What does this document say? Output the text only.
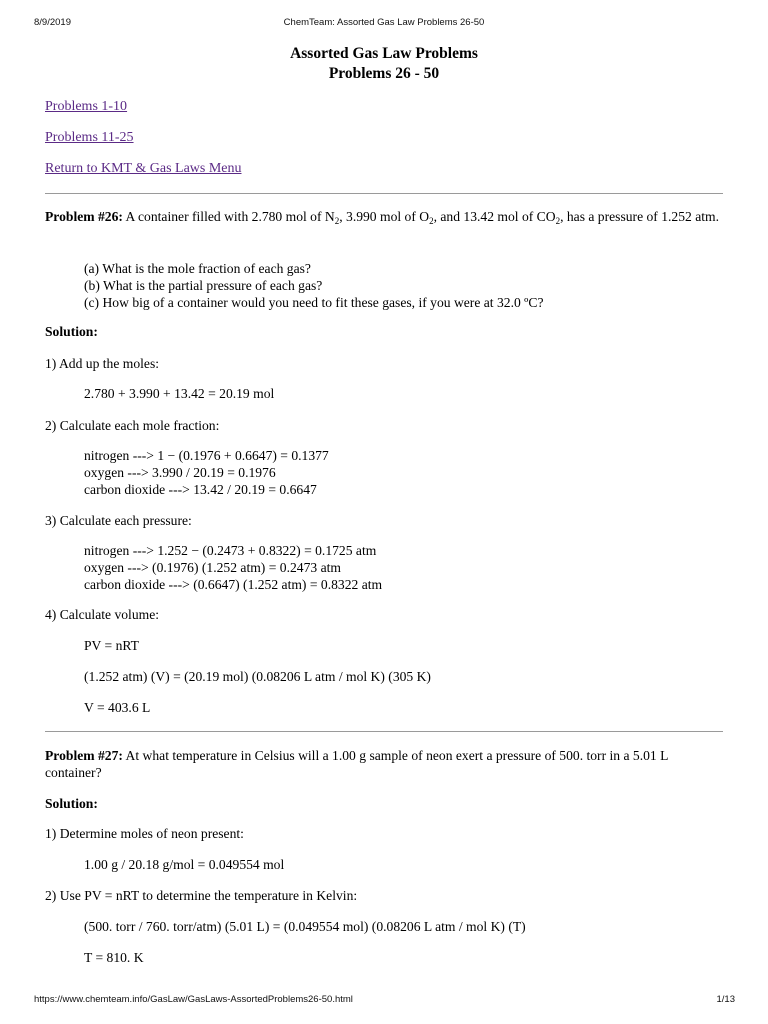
8/9/2019	ChemTeam: Assorted Gas Law Problems 26-50
Assorted Gas Law Problems
Problems 26 - 50
Problems 1-10
Problems 11-25
Return to KMT & Gas Laws Menu
Problem #26: A container filled with 2.780 mol of $N_2$, 3.990 mol of $O_2$, and 13.42 mol of $CO_2$, has a pressure of 1.252 atm.
(a) What is the mole fraction of each gas?
(b) What is the partial pressure of each gas?
(c) How big of a container would you need to fit these gases, if you were at 32.0 ºC?
Solution:
1) Add up the moles:
2.780 + 3.990 + 13.42 = 20.19 mol
2) Calculate each mole fraction:
nitrogen ---> 1 − (0.1976 + 0.6647) = 0.1377
oxygen ---> 3.990 / 20.19 = 0.1976
carbon dioxide ---> 13.42 / 20.19 = 0.6647
3) Calculate each pressure:
nitrogen ---> 1.252 − (0.2473 + 0.8322) = 0.1725 atm
oxygen ---> (0.1976) (1.252 atm) = 0.2473 atm
carbon dioxide ---> (0.6647) (1.252 atm) = 0.8322 atm
4) Calculate volume:
PV = nRT
(1.252 atm) (V) = (20.19 mol) (0.08206 L atm / mol K) (305 K)
V = 403.6 L
Problem #27: At what temperature in Celsius will a 1.00 g sample of neon exert a pressure of 500. torr in a 5.01 L container?
Solution:
1) Determine moles of neon present:
1.00 g / 20.18 g/mol = 0.049554 mol
2) Use PV = nRT to determine the temperature in Kelvin:
(500. torr / 760. torr/atm) (5.01 L) = (0.049554 mol) (0.08206 L atm / mol K) (T)
T = 810. K
https://www.chemteam.info/GasLaw/GasLaws-AssortedProblems26-50.html	1/13
